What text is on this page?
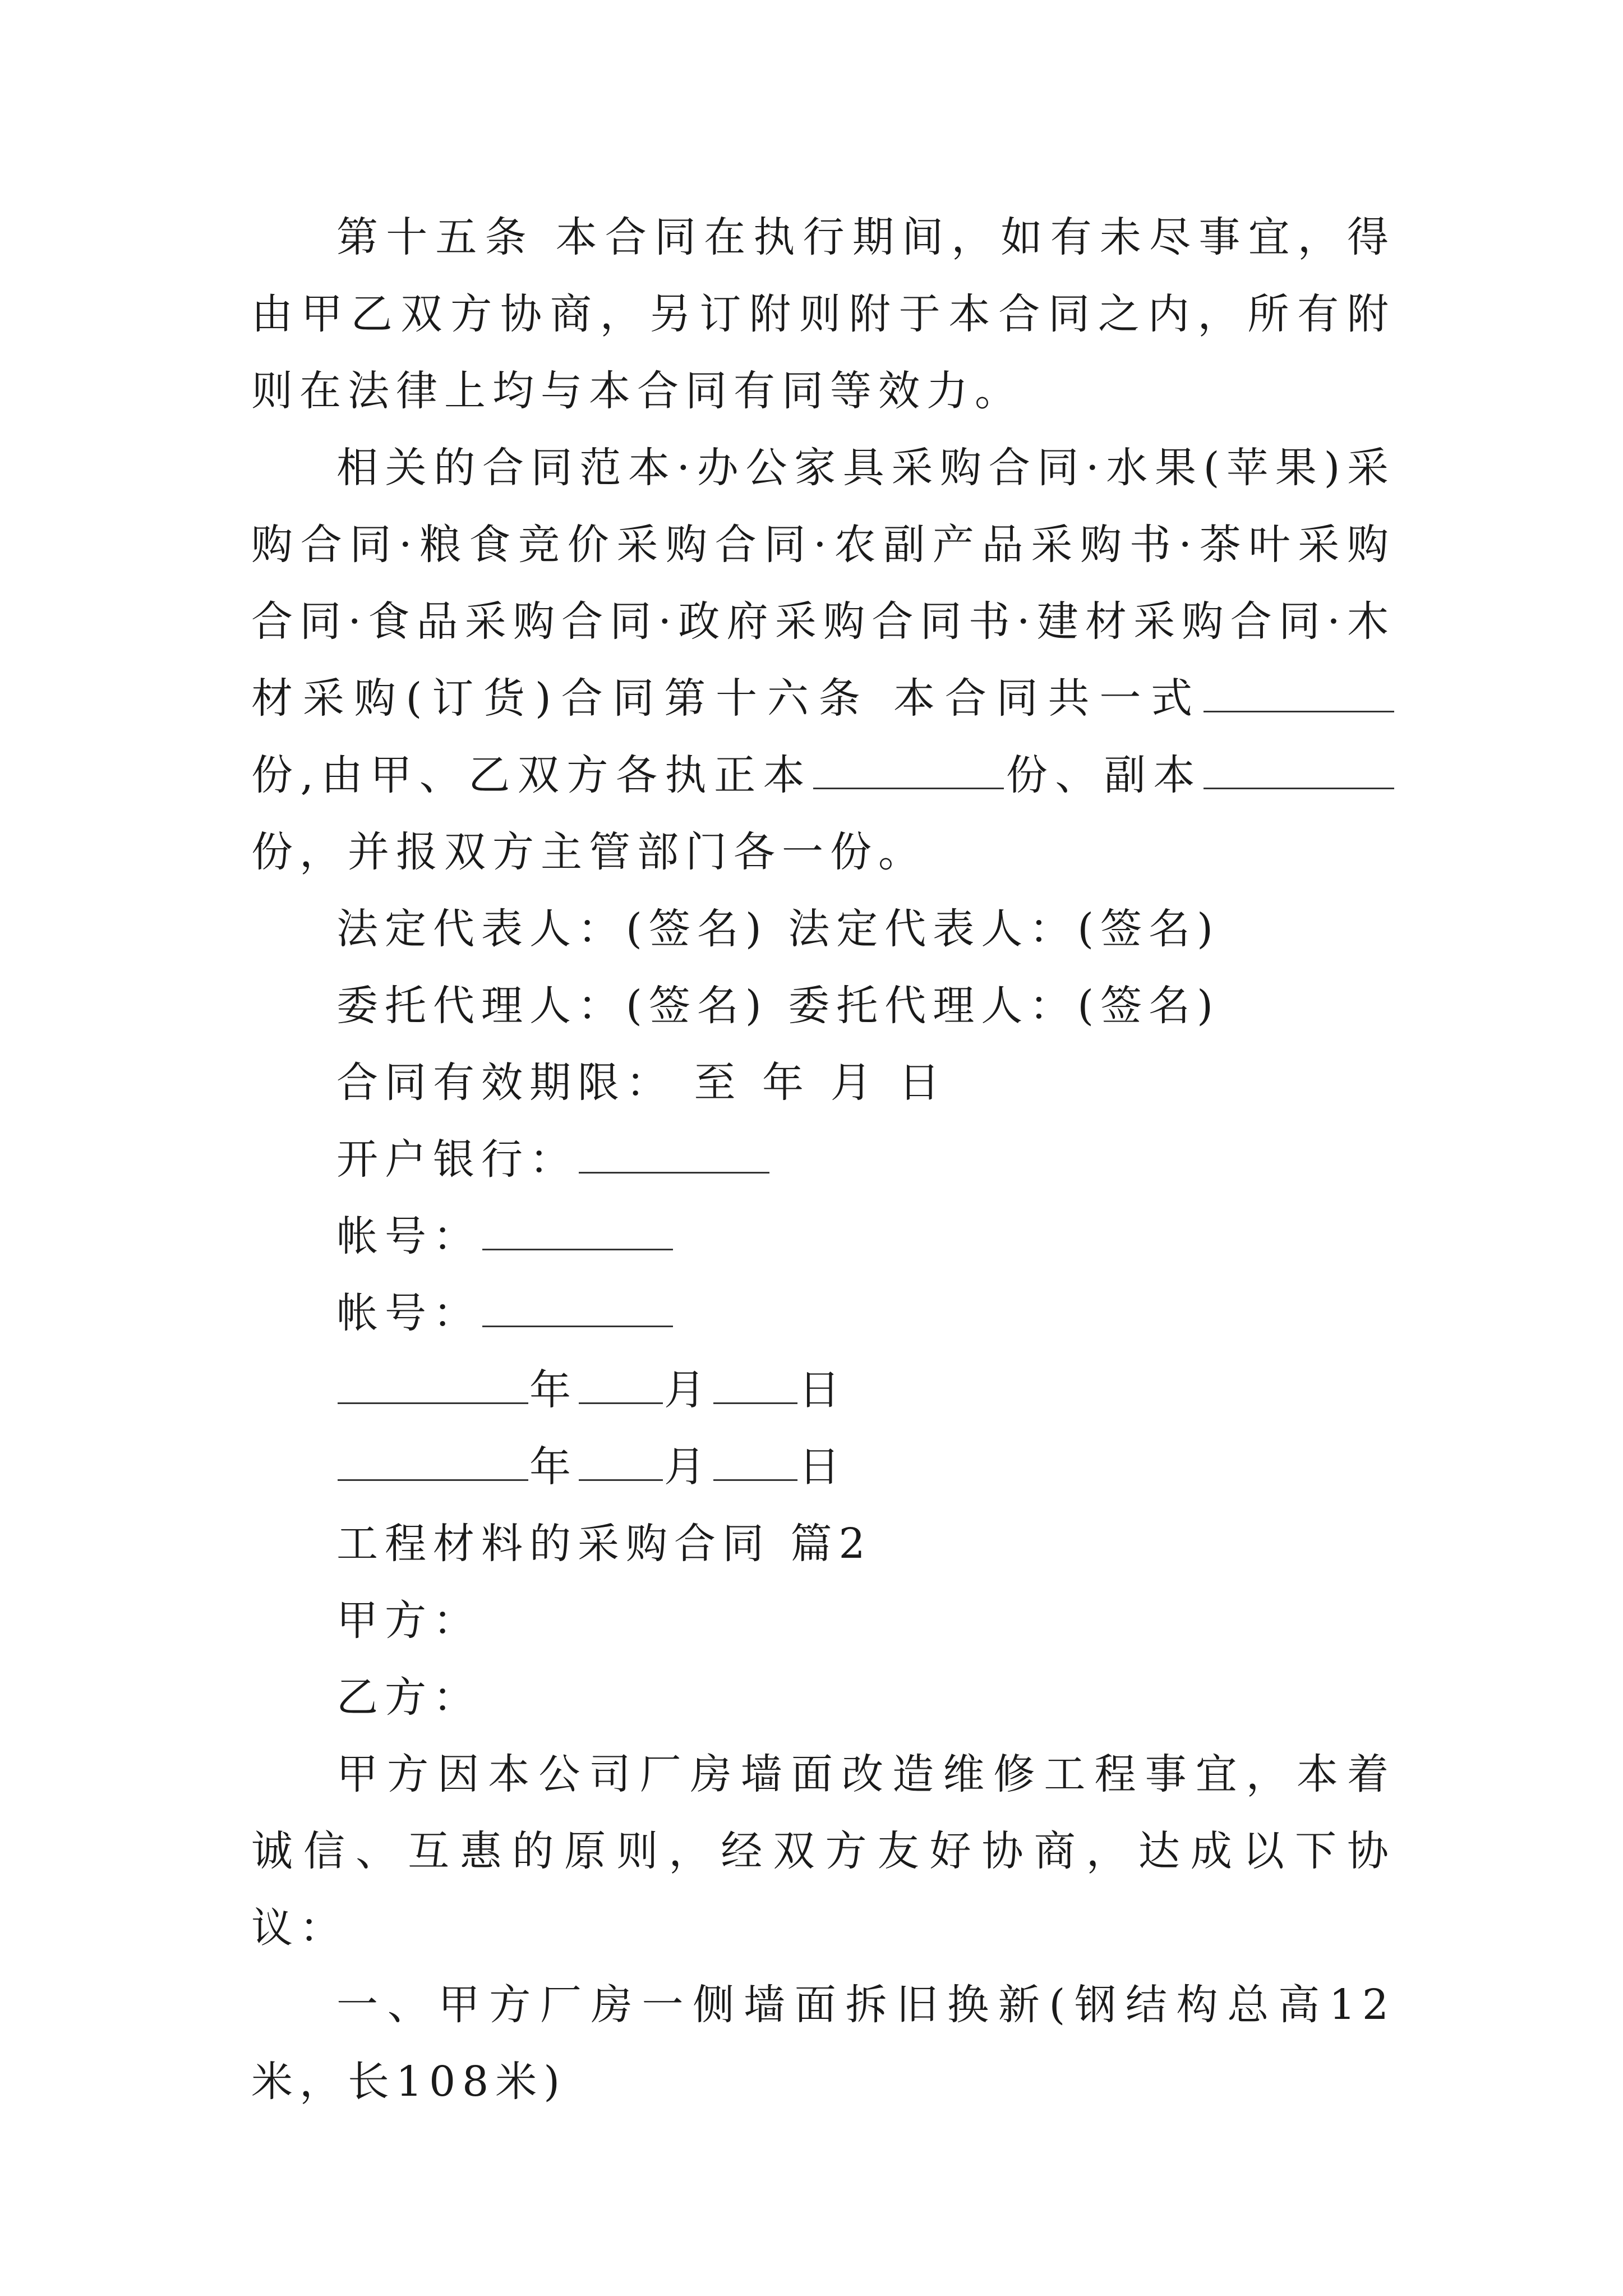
第十五条 本合同在执行期间，如有未尽事宜，得由甲乙双方协商，另订附则附于本合同之内，所有附则在法律上均与本合同有同等效力。

相关的合同范本·办公家具采购合同·水果(苹果)采购合同·粮食竞价采购合同·农副产品采购书·茶叶采购合同·食品采购合同·政府采购合同书·建材采购合同·木材采购(订货)合同第十六条 本合同共一式份,由甲、乙双方各执正本	份、副本份，并报双方主管部门各一份。

法定代表人：(签名) 法定代表人：(签名)

委托代理人：(签名) 委托代理人：(签名)

合同有效期限： 至 年 月 日

开户银行：

帐号：

帐号：

年 月 日

年 月 日

工程材料的采购合同 篇2

甲方：

乙方：

甲方因本公司厂房墙面改造维修工程事宜，本着诚信、互惠的原则，经双方友好协商，达成以下协议：

一、甲方厂房一侧墙面拆旧换新(钢结构总高12米，长108米)
